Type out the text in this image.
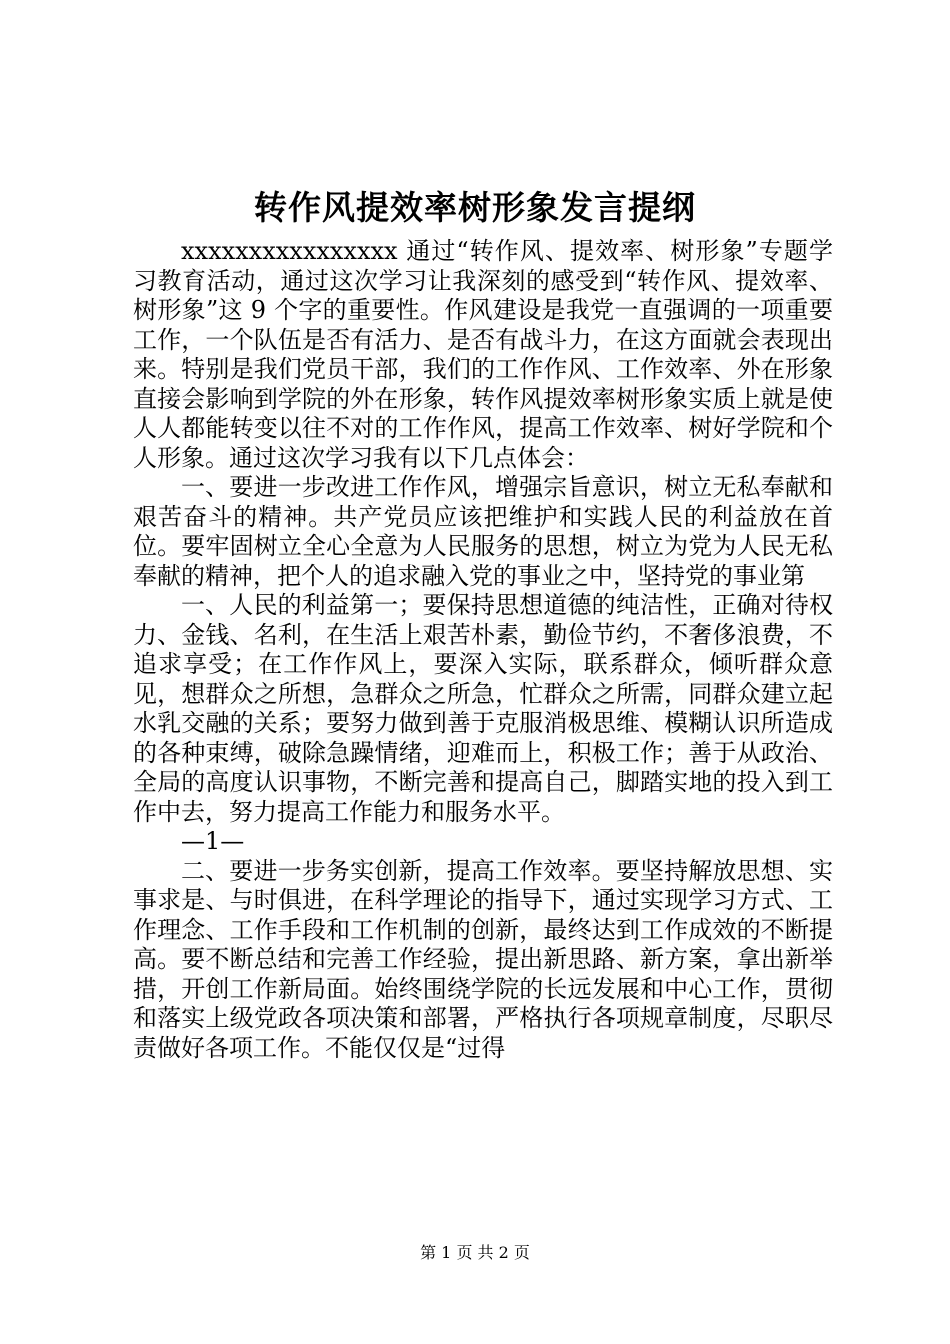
转作风提效率树形象发言提纲

xxxxxxxxxxxxxxxx 通过“转作风、提效率、树形象”专题学习教育活动，通过这次学习让我深刻的感受到“转作风、提效率、树形象”这 9 个字的重要性。作风建设是我党一直强调的一项重要工作，一个队伍是否有活力、是否有战斗力，在这方面就会表现出来。特别是我们党员干部，我们的工作作风、工作效率、外在形象直接会影响到学院的外在形象，转作风提效率树形象实质上就是使人人都能转变以往不对的工作作风，提高工作效率、树好学院和个人形象。通过这次学习我有以下几点体会：

一、要进一步改进工作作风，增强宗旨意识，树立无私奉献和艰苦奋斗的精神。共产党员应该把维护和实践人民的利益放在首位。要牢固树立全心全意为人民服务的思想，树立为党为人民无私奉献的精神，把个人的追求融入党的事业之中，坚持党的事业第

一、人民的利益第一；要保持思想道德的纯洁性，正确对待权力、金钱、名利，在生活上艰苦朴素，勤俭节约，不奢侈浪费，不追求享受；在工作作风上，要深入实际，联系群众，倾听群众意见，想群众之所想，急群众之所急，忙群众之所需，同群众建立起水乳交融的关系；要努力做到善于克服消极思维、模糊认识所造成的各种束缚，破除急躁情绪，迎难而上，积极工作；善于从政治、全局的高度认识事物，不断完善和提高自己，脚踏实地的投入到工作中去，努力提高工作能力和服务水平。

—1—

二、要进一步务实创新，提高工作效率。要坚持解放思想、实事求是、与时俱进，在科学理论的指导下，通过实现学习方式、工作理念、工作手段和工作机制的创新，最终达到工作成效的不断提高。要不断总结和完善工作经验，提出新思路、新方案，拿出新举措，开创工作新局面。始终围绕学院的长远发展和中心工作，贯彻和落实上级党政各项决策和部署，严格执行各项规章制度，尽职尽责做好各项工作。不能仅仅是“过得

第 1 页 共 2 页
